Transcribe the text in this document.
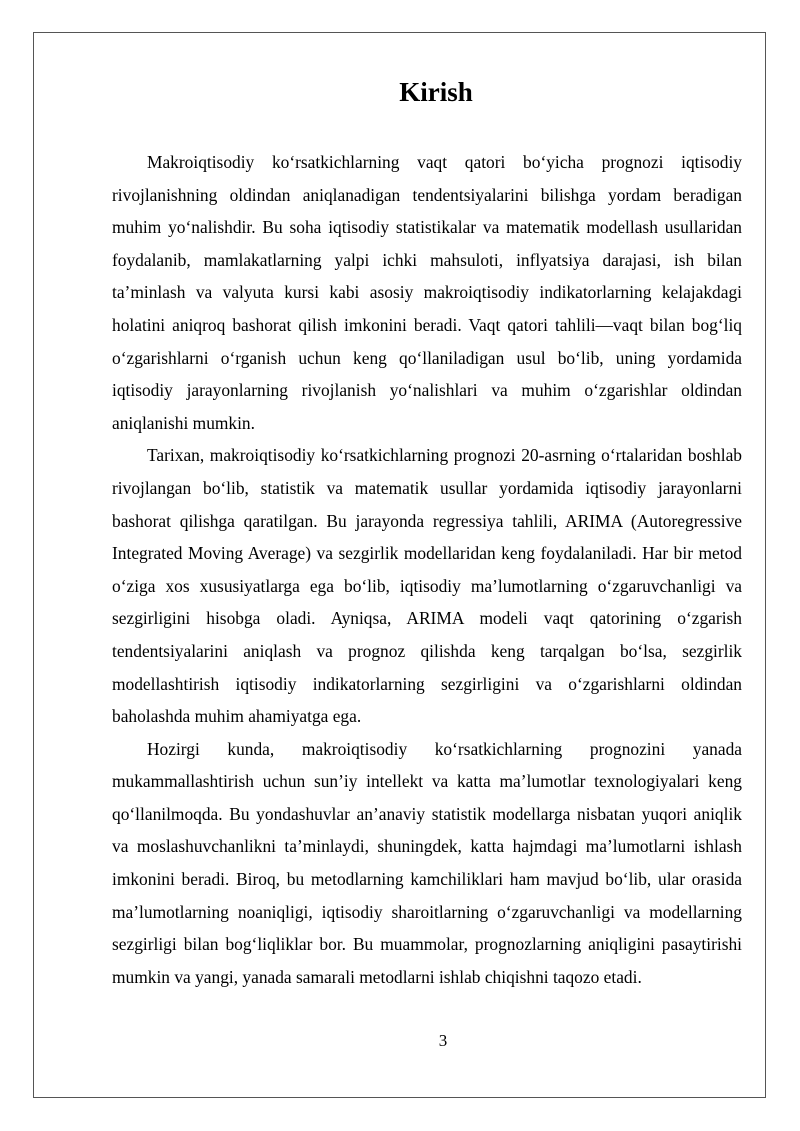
Kirish

Makroiqtisodiy ko‘rsatkichlarning vaqt qatori bo‘yicha prognozi iqtisodiy rivojlanishning oldindan aniqlanadigan tendentsiyalarini bilishga yordam beradigan muhim yo‘nalishdir. Bu soha iqtisodiy statistikalar va matematik modellash usullaridan foydalanib, mamlakatlarning yalpi ichki mahsuloti, inflyatsiya darajasi, ish bilan ta’minlash va valyuta kursi kabi asosiy makroiqtisodiy indikatorlarning kelajakdagi holatini aniqroq bashorat qilish imkonini beradi. Vaqt qatori tahlili—vaqt bilan bog‘liq o‘zgarishlarni o‘rganish uchun keng qo‘llaniladigan usul bo‘lib, uning yordamida iqtisodiy jarayonlarning rivojlanish yo‘nalishlari va muhim o‘zgarishlar oldindan aniqlanishi mumkin.

Tarixan, makroiqtisodiy ko‘rsatkichlarning prognozi 20-asrning o‘rtalaridan boshlab rivojlangan bo‘lib, statistik va matematik usullar yordamida iqtisodiy jarayonlarni bashorat qilishga qaratilgan. Bu jarayonda regressiya tahlili, ARIMA (Autoregressive Integrated Moving Average) va sezgirlik modellaridan keng foydalaniladi. Har bir metod o‘ziga xos xususiyatlarga ega bo‘lib, iqtisodiy ma’lumotlarning o‘zgaruvchanligi va sezgirligini hisobga oladi. Ayniqsa, ARIMA modeli vaqt qatorining o‘zgarish tendentsiyalarini aniqlash va prognoz qilishda keng tarqalgan bo‘lsa, sezgirlik modellashtirish iqtisodiy indikatorlarning sezgirligini va o‘zgarishlarni oldindan baholashda muhim ahamiyatga ega.

Hozirgi kunda, makroiqtisodiy ko‘rsatkichlarning prognozini yanada mukammallashtirish uchun sun’iy intellekt va katta ma’lumotlar texnologiyalari keng qo‘llanilmoqda. Bu yondashuvlar an’anaviy statistik modellarga nisbatan yuqori aniqlik va moslashuvchanlikni ta’minlaydi, shuningdek, katta hajmdagi ma’lumotlarni ishlash imkonini beradi. Biroq, bu metodlarning kamchiliklari ham mavjud bo‘lib, ular orasida ma’lumotlarning noaniqligi, iqtisodiy sharoitlarning o‘zgaruvchanligi va modellarning sezgirligi bilan bog‘liqliklar bor. Bu muammolar, prognozlarning aniqligini pasaytirishi mumkin va yangi, yanada samarali metodlarni ishlab chiqishni taqozo etadi.

3
